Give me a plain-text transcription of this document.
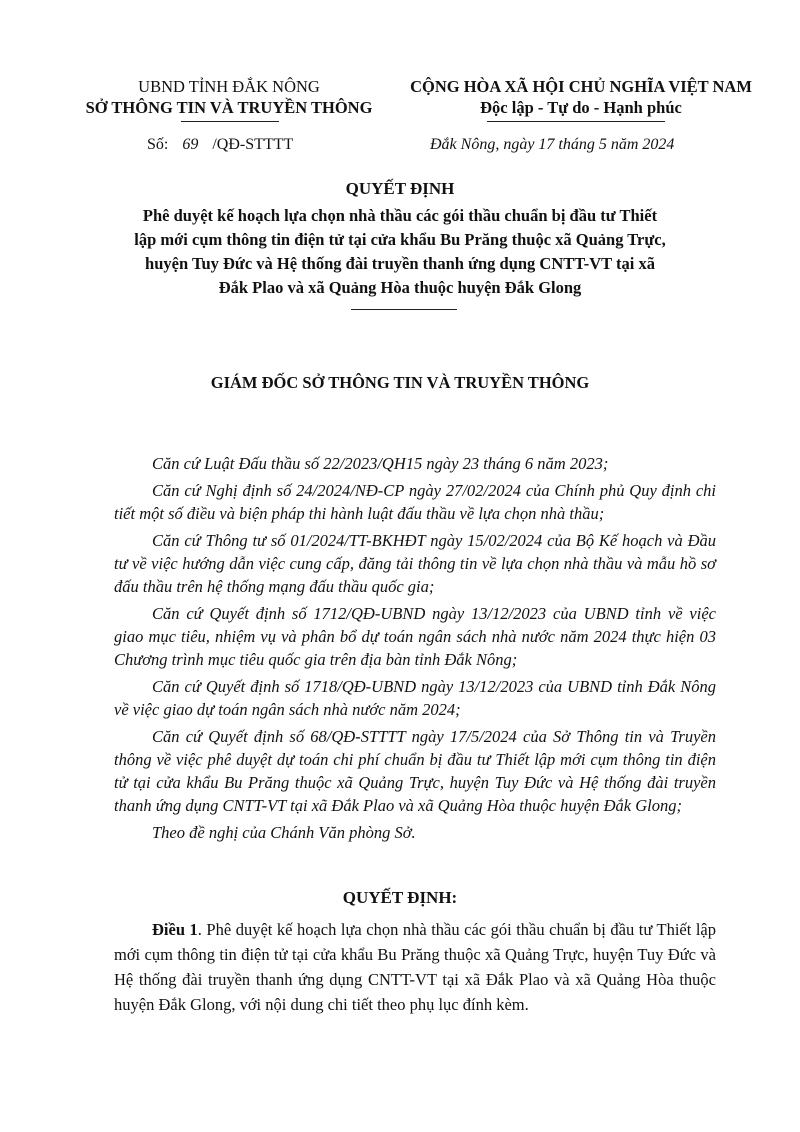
UBND TỈNH ĐẮK NÔNG
SỞ THÔNG TIN VÀ TRUYỀN THÔNG
CỘNG HÒA XÃ HỘI CHỦ NGHĨA VIỆT NAM
Độc lập - Tự do - Hạnh phúc
Số: 69 /QĐ-STTTT	Đắk Nông, ngày 17 tháng 5 năm 2024
QUYẾT ĐỊNH
Phê duyệt kế hoạch lựa chọn nhà thầu các gói thầu chuẩn bị đầu tư Thiết
lập mới cụm thông tin điện tử tại cửa khẩu Bu Prăng thuộc xã Quảng Trực,
huyện Tuy Đức và Hệ thống đài truyền thanh ứng dụng CNTT-VT tại xã
Đắk Plao và xã Quảng Hòa thuộc huyện Đắk Glong
GIÁM ĐỐC SỞ THÔNG TIN VÀ TRUYỀN THÔNG

Căn cứ Luật Đấu thầu số 22/2023/QH15 ngày 23 tháng 6 năm 2023;

Căn cứ Nghị định số 24/2024/NĐ-CP ngày 27/02/2024 của Chính phủ Quy định chi tiết một số điều và biện pháp thi hành luật đấu thầu về lựa chọn nhà thầu;

Căn cứ Thông tư số 01/2024/TT-BKHĐT ngày 15/02/2024 của Bộ Kế hoạch và Đầu tư về việc hướng dẫn việc cung cấp, đăng tải thông tin về lựa chọn nhà thầu và mẫu hồ sơ đấu thầu trên hệ thống mạng đấu thầu quốc gia;

Căn cứ Quyết định số 1712/QĐ-UBND ngày 13/12/2023 của UBND tỉnh về việc giao mục tiêu, nhiệm vụ và phân bổ dự toán ngân sách nhà nước năm 2024 thực hiện 03 Chương trình mục tiêu quốc gia trên địa bàn tỉnh Đắk Nông;

Căn cứ Quyết định số 1718/QĐ-UBND ngày 13/12/2023 của UBND tỉnh Đắk Nông về việc giao dự toán ngân sách nhà nước năm 2024;

Căn cứ Quyết định số 68/QĐ-STTTT ngày 17/5/2024 của Sở Thông tin và Truyền thông về việc phê duyệt dự toán chi phí chuẩn bị đầu tư Thiết lập mới cụm thông tin điện tử tại cửa khẩu Bu Prăng thuộc xã Quảng Trực, huyện Tuy Đức và Hệ thống đài truyền thanh ứng dụng CNTT-VT tại xã Đắk Plao và xã Quảng Hòa thuộc huyện Đắk Glong;

Theo đề nghị của Chánh Văn phòng Sở.

QUYẾT ĐỊNH:
Điều 1. Phê duyệt kế hoạch lựa chọn nhà thầu các gói thầu chuẩn bị đầu tư Thiết lập mới cụm thông tin điện tử tại cửa khẩu Bu Prăng thuộc xã Quảng Trực, huyện Tuy Đức và Hệ thống đài truyền thanh ứng dụng CNTT-VT tại xã Đắk Plao và xã Quảng Hòa thuộc huyện Đắk Glong, với nội dung chi tiết theo phụ lục đính kèm.
